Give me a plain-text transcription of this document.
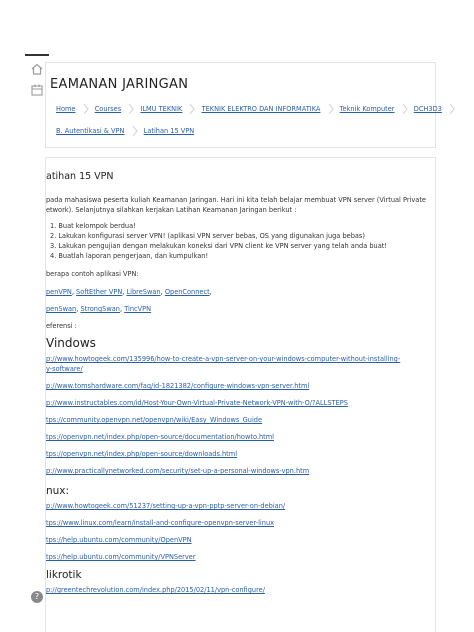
EAMANAN JARINGAN
Home	Courses	ILMU TEKNIK	TEKNIK ELEKTRO DAN INFORMATIKA	Teknik Komputer	DCH3D3
B. Autentikasi & VPN	Latihan 15 VPN
atihan 15 VPN
pada mahasiswa peserta kuliah Keamanan Jaringan. Hari ini kita telah belajar membuat VPN server (Virtual Private
etwork). Selanjutnya silahkan kerjakan Latihan Keamanan Jaringan berikut :
1. Buat kelompok berdua!
2. Lakukan konfigurasi server VPN! (aplikasi VPN server bebas, OS yang digunakan juga bebas)
3. Lakukan pengujian dengan melakukan koneksi dari VPN client ke VPN server yang telah anda buat!
4. Buatlah laporan pengerjaan, dan kumpulkan!
berapa contoh aplikasi VPN:
penVPN, SoftEther VPN, LibreSwan, OpenConnect,
penSwan, StrongSwan, TincVPN
eferensi :
Vindows
p://www.howtogeek.com/135996/how-to-create-a-vpn-server-on-your-windows-computer-without-installing-
y-software/
p://www.tomshardware.com/faq/id-1821382/configure-windows-vpn-server.html
p://www.instructables.com/id/Host-Your-Own-Virtual-Private-Network-VPN-with-O/?ALLSTEPS
tps://community.openvpn.net/openvpn/wiki/Easy_Windows_Guide
tps://openvpn.net/index.php/open-source/documentation/howto.html
tps://openvpn.net/index.php/open-source/downloads.html
p://www.practicallynetworked.com/security/set-up-a-personal-windows-vpn.htm
nux:
p://www.howtogeek.com/51237/setting-up-a-vpn-pptp-server-on-debian/
tps://www.linux.com/learn/install-and-configure-openvpn-server-linux
tps://help.ubuntu.com/community/OpenVPN
tps://help.ubuntu.com/community/VPNServer
likrotik
p://greentechrevolution.com/index.php/2015/02/11/vpn-configure/
?
